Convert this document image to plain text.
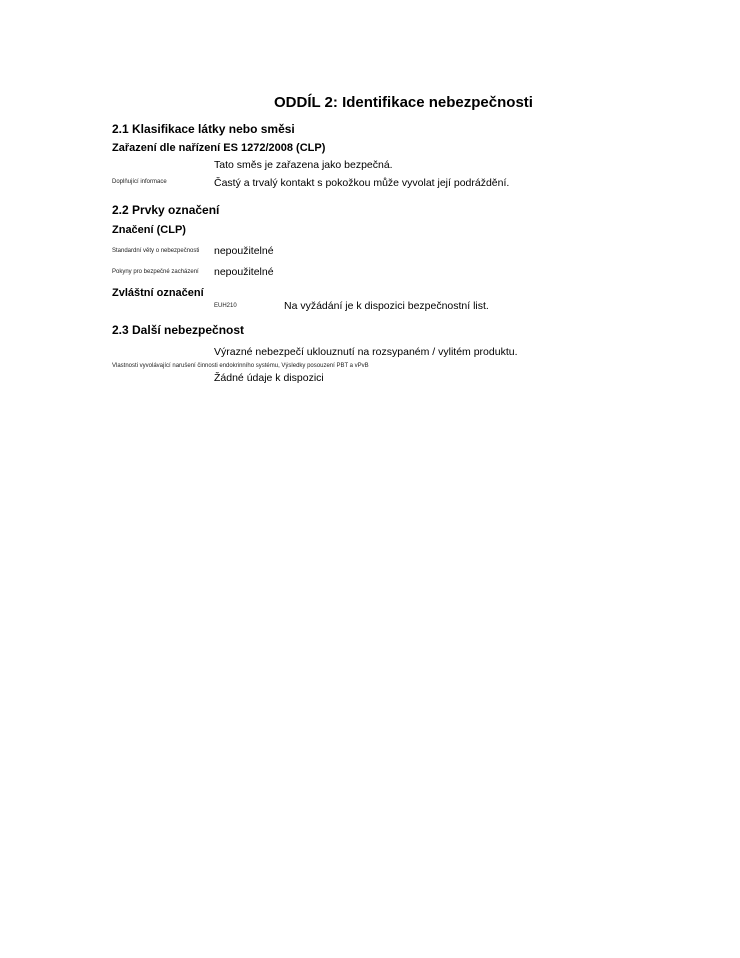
ODDÍL 2: Identifikace nebezpečnosti
2.1 Klasifikace látky nebo směsi
Zařazení dle nařízení ES 1272/2008 (CLP)
Tato směs je zařazena jako bezpečná.
Doplňující informace	Častý a trvalý kontakt s pokožkou může vyvolat její podráždění.
2.2 Prvky označení
Značení (CLP)
Standardní věty o nebezpečnosti nepoužitelné
Pokyny pro bezpečné zacházení nepoužitelné
Zvláštní označení
EUH210	Na vyžádání je k dispozici bezpečnostní list.
2.3 Další nebezpečnost
Výrazné nebezpečí uklouznutí na rozsypaném / vylitém produktu.
Vlastnosti vyvolávající narušení činnosti endokrinního systému, Výsledky posouzení PBT a vPvB
Žádné údaje k dispozici
